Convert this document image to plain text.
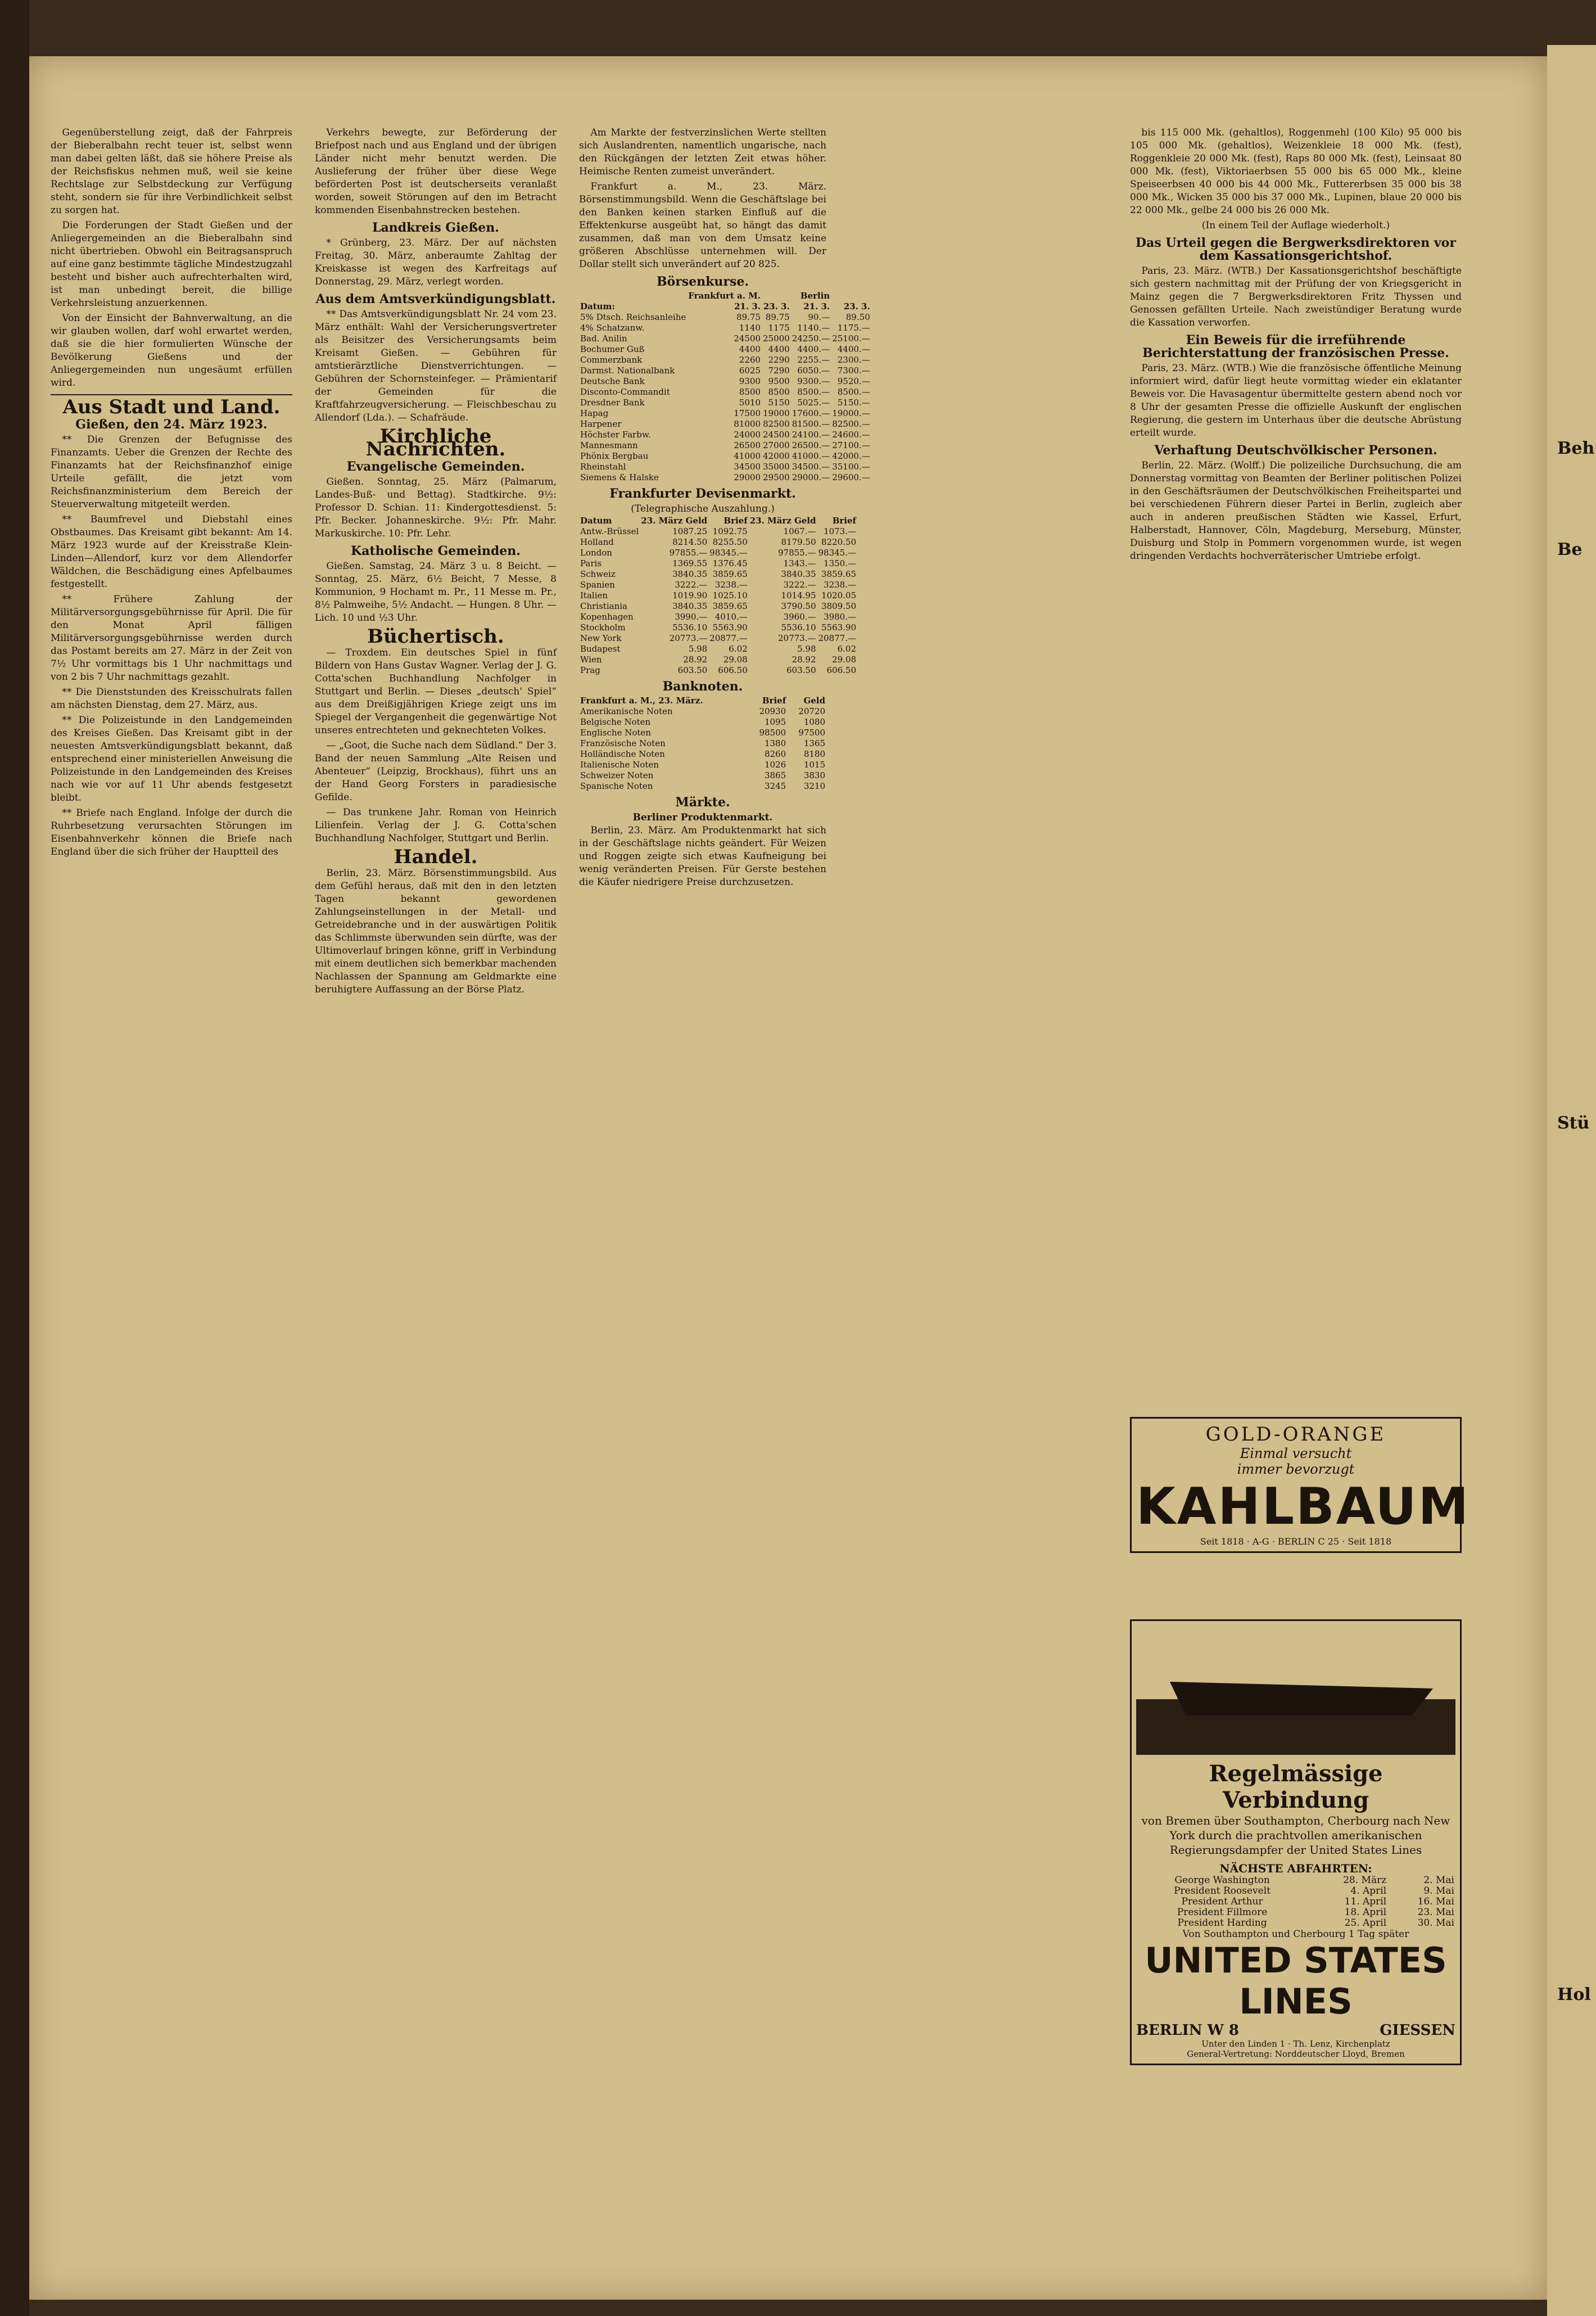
Gegenüberstellung zeigt, daß der Fahrpreis der Bieberalbahn recht teuer ist, selbst wenn man dabei gelten läßt, daß sie höhere Preise als der Reichsfiskus nehmen muß, weil sie keine Rechtslage zur Selbstdeckung zur Verfügung steht, sondern sie für ihre Verbindlichkeit selbst zu sorgen hat.

Die Forderungen der Stadt Gießen und der Anliegergemeinden an die Bieberalbahn sind nicht übertrieben. Obwohl ein Beitragsanspruch auf eine ganz bestimmte tägliche Mindestzugzahl besteht und bisher auch aufrechterhalten wird, ist man unbedingt bereit, die billige Verkehrsleistung anzuerkennen.

Von der Einsicht der Bahnverwaltung, an die wir glauben wollen, darf wohl erwartet werden, daß sie die hier formulierten Wünsche der Bevölkerung Gießens und der Anliegergemeinden nun ungesäumt erfüllen wird.

Aus Stadt und Land.
Gießen, den 24. März 1923.

** Die Grenzen der Befugnisse des Finanzamts. Ueber die Grenzen der Rechte des Finanzamts hat der Reichsfinanzhof einige Urteile gefällt, die jetzt vom Reichsfinanzministerium dem Bereich der Steuerverwaltung mitgeteilt werden.

** Baumfrevel und Diebstahl eines Obstbaumes. Das Kreisamt gibt bekannt: Am 14. März 1923 wurde auf der Kreisstraße Klein-Linden—Allendorf, kurz vor dem Allendorfer Wäldchen, die Beschädigung eines Apfelbaumes festgestellt.

** Frühere Zahlung der Militärversorgungsgebührnisse für April. Die für den Monat April fälligen Militärversorgungsgebührnisse werden durch das Postamt bereits am 27. März in der Zeit von 7½ Uhr vormittags bis 1 Uhr nachmittags und von 2 bis 7 Uhr nachmittags gezahlt.

** Die Dienststunden des Kreisschulrats fallen am nächsten Dienstag, dem 27. März, aus.

** Die Polizeistunde in den Landgemeinden des Kreises Gießen. Das Kreisamt gibt in der neuesten Amtsverkündigungsblatt bekannt, daß entsprechend einer ministeriellen Anweisung die Polizeistunde in den Landgemeinden des Kreises nach wie vor auf 11 Uhr abends festgesetzt bleibt.

** Briefe nach England. Infolge der durch die Ruhrbesetzung verursachten Störungen im Eisenbahnverkehr können die Briefe nach England über die sich früher der Hauptteil des

Verkehrs bewegte, zur Beförderung der Briefpost nach und aus England und der übrigen Länder nicht mehr benutzt werden. Die Auslieferung der früher über diese Wege beförderten Post ist deutscherseits veranlaßt worden, soweit Störungen auf den im Betracht kommenden Eisenbahnstrecken bestehen.

Landkreis Gießen.

* Grünberg, 23. März. Der auf nächsten Freitag, 30. März, anberaumte Zahltag der Kreiskasse ist wegen des Karfreitags auf Donnerstag, 29. März, verlegt worden.

Aus dem Amtsverkündigungsblatt.

** Das Amtsverkündigungsblatt Nr. 24 vom 23. März enthält: Wahl der Versicherungsvertreter als Beisitzer des Versicherungsamts beim Kreisamt Gießen. — Gebühren für amtstierärztliche Dienstverrichtungen. — Gebühren der Schornsteinfeger. — Prämientarif der Gemeinden für die Kraftfahrzeugversicherung. — Fleischbeschau zu Allendorf (Lda.). — Schafräude.

Kirchliche Nachrichten.
Evangelische Gemeinden.

Gießen. Sonntag, 25. März (Palmarum, Landes-Buß- und Bettag). Stadtkirche. 9½: Professor D. Schian. 11: Kindergottesdienst. 5: Pfr. Becker. Johanneskirche. 9½: Pfr. Mahr. Markuskirche. 10: Pfr. Lehr.

Katholische Gemeinden.

Gießen. Samstag, 24. März 3 u. 8 Beicht. — Sonntag, 25. März, 6½ Beicht, 7 Messe, 8 Kommunion, 9 Hochamt m. Pr., 11 Messe m. Pr., 8½ Palmweihe, 5½ Andacht. — Hungen. 8 Uhr. — Lich. 10 und ½3 Uhr.

Büchertisch.

— Troxdem. Ein deutsches Spiel in fünf Bildern von Hans Gustav Wagner. Verlag der J. G. Cotta'schen Buchhandlung Nachfolger in Stuttgart und Berlin. — Dieses „deutsch' Spiel“ aus dem Dreißigjährigen Kriege zeigt uns im Spiegel der Vergangenheit die gegenwärtige Not unseres entrechteten und geknechteten Volkes.

— „Goot, die Suche nach dem Südland.“ Der 3. Band der neuen Sammlung „Alte Reisen und Abenteuer“ (Leipzig, Brockhaus), führt uns an der Hand Georg Forsters in paradiesische Gefilde.

— Das trunkene Jahr. Roman von Heinrich Lilienfein. Verlag der J. G. Cotta'schen Buchhandlung Nachfolger, Stuttgart und Berlin.

Handel.

Berlin, 23. März. Börsenstimmungsbild. Aus dem Gefühl heraus, daß mit den in den letzten Tagen bekannt gewordenen Zahlungseinstellungen in der Metall- und Getreidebranche und in der auswärtigen Politik das Schlimmste überwunden sein dürfte, was der Ultimoverlauf bringen könne, griff in Verbindung mit einem deutlichen sich bemerkbar machenden Nachlassen der Spannung am Geldmarkte eine beruhigtere Auffassung an der Börse Platz.

Am Markte der festverzinslichen Werte stellten sich Auslandrenten, namentlich ungarische, nach den Rückgängen der letzten Zeit etwas höher. Heimische Renten zumeist unverändert.

Frankfurt a. M., 23. März. Börsenstimmungsbild. Wenn die Geschäftslage bei den Banken keinen starken Einfluß auf die Effektenkurse ausgeübt hat, so hängt das damit zusammen, daß man von dem Umsatz keine größeren Abschlüsse unternehmen will. Der Dollar stellt sich unverändert auf 20 825.

Börsenkurse.
	Frankfurt a. M.		Berlin	
Datum:	21. 3.	23. 3.	21. 3.	23. 3.
5% Dtsch. Reichsanleihe	89.75	89.75	90.—	89.50
4% Schatzanw.	1140	1175	1140.—	1175.—
Bad. Anilin	24500	25000	24250.—	25100.—
Bochumer Guß	4400	4400	4400.—	4400.—
Commerzbank	2260	2290	2255.—	2300.—
Darmst. Nationalbank	6025	7290	6050.—	7300.—
Deutsche Bank	9300	9500	9300.—	9520.—
Disconto-Commandit	8500	8500	8500.—	8500.—
Dresdner Bank	5010	5150	5025.—	5150.—
Hapag	17500	19000	17600.—	19000.—
Harpener	81000	82500	81500.—	82500.—
Höchster Farbw.	24000	24500	24100.—	24600.—
Mannesmann	26500	27000	26500.—	27100.—
Phönix Bergbau	41000	42000	41000.—	42000.—
Rheinstahl	34500	35000	34500.—	35100.—
Siemens & Halske	29000	29500	29000.—	29600.—
Frankfurter Devisenmarkt.
(Telegraphische Auszahlung.)
Datum	23. März Geld	Brief	23. März Geld	Brief
Antw.-Brüssel	1087.25	1092.75	1067.—	1073.—
Holland	8214.50	8255.50	8179.50	8220.50
London	97855.—	98345.—	97855.—	98345.—
Paris	1369.55	1376.45	1343.—	1350.—
Schweiz	3840.35	3859.65	3840.35	3859.65
Spanien	3222.—	3238.—	3222.—	3238.—
Italien	1019.90	1025.10	1014.95	1020.05
Christiania	3840.35	3859.65	3790.50	3809.50
Kopenhagen	3990.—	4010.—	3960.—	3980.—
Stockholm	5536.10	5563.90	5536.10	5563.90
New York	20773.—	20877.—	20773.—	20877.—
Budapest	5.98	6.02	5.98	6.02
Wien	28.92	29.08	28.92	29.08
Prag	603.50	606.50	603.50	606.50
Banknoten.
Frankfurt a. M., 23. März.	Brief	Geld
Amerikanische Noten	20930	20720
Belgische Noten	1095	1080
Englische Noten	98500	97500
Französische Noten	1380	1365
Holländische Noten	8260	8180
Italienische Noten	1026	1015
Schweizer Noten	3865	3830
Spanische Noten	3245	3210
Märkte.
Berliner Produktenmarkt.

Berlin, 23. März. Am Produktenmarkt hat sich in der Geschäftslage nichts geändert. Für Weizen und Roggen zeigte sich etwas Kaufneigung bei wenig veränderten Preisen. Für Gerste bestehen die Käufer niedrigere Preise durchzusetzen.

bis 115 000 Mk. (gehaltlos), Roggenmehl (100 Kilo) 95 000 bis 105 000 Mk. (gehaltlos), Weizenkleie 18 000 Mk. (fest), Roggenkleie 20 000 Mk. (fest), Raps 80 000 Mk. (fest), Leinsaat 80 000 Mk. (fest), Viktoriaerbsen 55 000 bis 65 000 Mk., kleine Speiseerbsen 40 000 bis 44 000 Mk., Futtererbsen 35 000 bis 38 000 Mk., Wicken 35 000 bis 37 000 Mk., Lupinen, blaue 20 000 bis 22 000 Mk., gelbe 24 000 bis 26 000 Mk.

(In einem Teil der Auflage wiederholt.)
Das Urteil gegen die Bergwerksdirektoren vor dem Kassationsgerichtshof.

Paris, 23. März. (WTB.) Der Kassationsgerichtshof beschäftigte sich gestern nachmittag mit der Prüfung der von Kriegsgericht in Mainz gegen die 7 Bergwerksdirektoren Fritz Thyssen und Genossen gefällten Urteile. Nach zweistündiger Beratung wurde die Kassation verworfen.

Ein Beweis für die irreführende Berichterstattung der französischen Presse.

Paris, 23. März. (WTB.) Wie die französische öffentliche Meinung informiert wird, dafür liegt heute vormittag wieder ein eklatanter Beweis vor. Die Havasagentur übermittelte gestern abend noch vor 8 Uhr der gesamten Presse die offizielle Auskunft der englischen Regierung, die gestern im Unterhaus über die deutsche Abrüstung erteilt wurde.

Verhaftung Deutschvölkischer Personen.

Berlin, 22. März. (Wolff.) Die polizeiliche Durchsuchung, die am Donnerstag vormittag von Beamten der Berliner politischen Polizei in den Geschäftsräumen der Deutschvölkischen Freiheitspartei und bei verschiedenen Führern dieser Partei in Berlin, zugleich aber auch in anderen preußischen Städten wie Kassel, Erfurt, Halberstadt, Hannover, Cöln, Magdeburg, Merseburg, Münster, Duisburg und Stolp in Pommern vorgenommen wurde, ist wegen dringenden Verdachts hochverräterischer Umtriebe erfolgt.

GOLD-ORANGE
Einmal versucht
immer bevorzugt
KAHLBAUM
Seit 1818 · A-G · BERLIN C 25 · Seit 1818
Regelmässige Verbindung
von Bremen über Southampton, Cherbourg nach New York durch die prachtvollen amerikanischen Regierungsdampfer der United States Lines
NÄCHSTE ABFAHRTEN:
George Washington	28. März	2. Mai
President Roosevelt	4. April	9. Mai
President Arthur	11. April	16. Mai
President Fillmore	18. April	23. Mai
President Harding	25. April	30. Mai
Von Southampton und Cherbourg 1 Tag später
UNITED STATES LINES
BERLIN W 8	GIESSEN
Unter den Linden 1 · Th. Lenz, Kirchenplatz
General-Vertretung: Norddeutscher Lloyd, Bremen
Beh
Be
Stü
Hol
